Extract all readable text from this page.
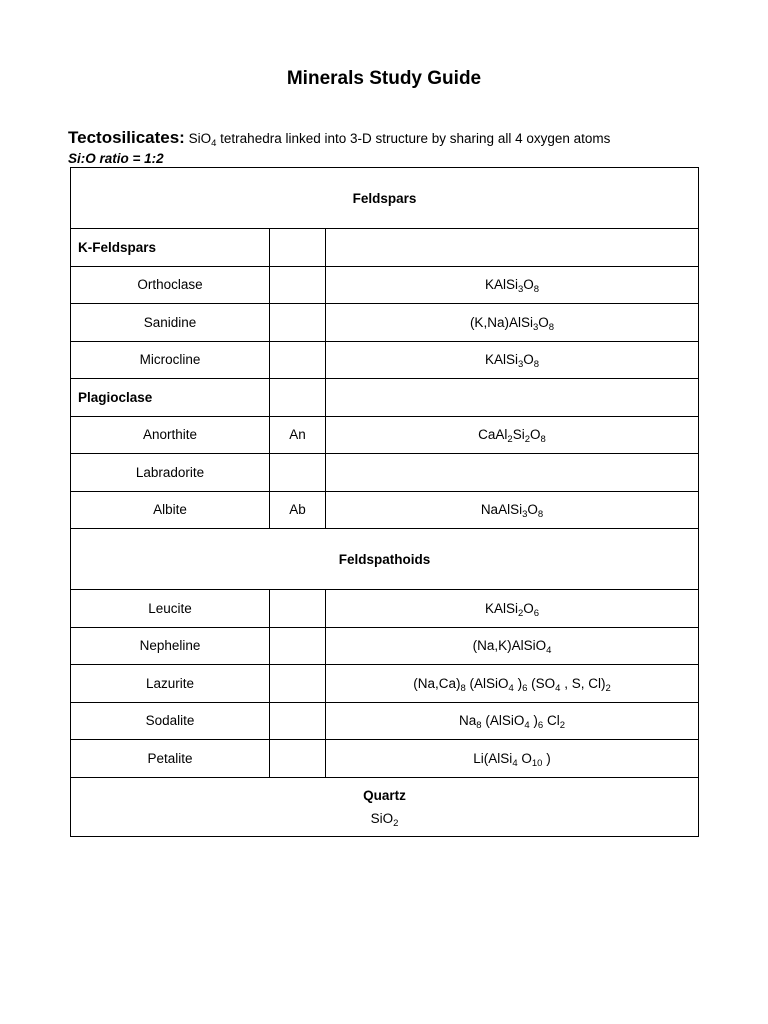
Minerals Study Guide
Tectosilicates: SiO$_4$ tetrahedra linked into 3-D structure by sharing all 4 oxygen atoms
Si:O ratio = 1:2
Feldspars		
K-Feldspars		
Orthoclase		$KAlSi_3O_8$
Sanidine		$(K,Na)AlSi_3O_8$
Microcline		$KAlSi_3O_8$
Plagioclase		
Anorthite	An	$CaAl_2Si_2O_8$
Labradorite		
Albite	Ab	$NaAlSi_3O_8$
Feldspathoids		
Leucite		$KAlSi_2O_6$
Nepheline		(Na,K)AlSiO$_4$
Lazurite		$(Na,Ca)_8$ (AlSiO$_4$ )$_6$ ($SO_4$ , S, $Cl)_2$
Sodalite		$Na_8$ (AlSiO$_4$ )$_6$ $Cl_2$
Petalite		Li(AlSi$_4$ $O_{10}$ )

Quartz
SiO$_2$
